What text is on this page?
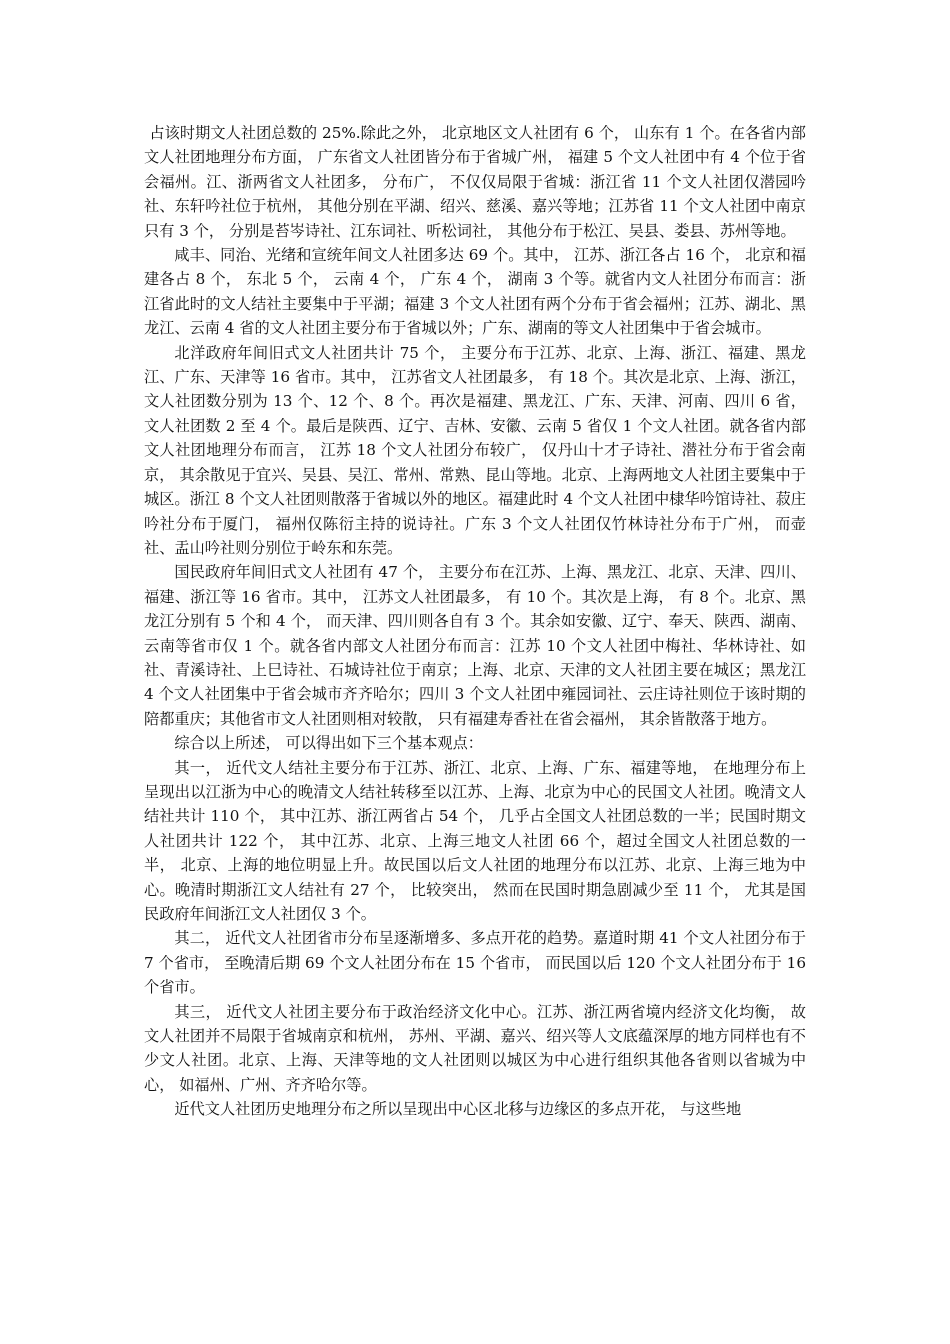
占该时期文人社团总数的 25%.除此之外， 北京地区文人社团有 6 个， 山东有 1 个。在各省内部文人社团地理分布方面， 广东省文人社团皆分布于省城广州， 福建 5 个文人社团中有 4 个位于省会福州。江、浙两省文人社团多， 分布广， 不仅仅局限于省城：浙江省 11 个文人社团仅潜园吟社、东轩吟社位于杭州， 其他分别在平湖、绍兴、慈溪、嘉兴等地；江苏省 11 个文人社团中南京只有 3 个， 分别是苔岑诗社、江东词社、听松词社， 其他分布于松江、吴县、娄县、苏州等地。

咸丰、同治、光绪和宣统年间文人社团多达 69 个。其中， 江苏、浙江各占 16 个， 北京和福建各占 8 个， 东北 5 个， 云南 4 个， 广东 4 个， 湖南 3 个等。就省内文人社团分布而言：浙江省此时的文人结社主要集中于平湖；福建 3 个文人社团有两个分布于省会福州；江苏、湖北、黑龙江、云南 4 省的文人社团主要分布于省城以外；广东、湖南的等文人社团集中于省会城市。

北洋政府年间旧式文人社团共计 75 个， 主要分布于江苏、北京、上海、浙江、福建、黑龙江、广东、天津等 16 省市。其中， 江苏省文人社团最多， 有 18 个。其次是北京、上海、浙江， 文人社团数分别为 13 个、12 个、8 个。再次是福建、黑龙江、广东、天津、河南、四川 6 省， 文人社团数 2 至 4 个。最后是陕西、辽宁、吉林、安徽、云南 5 省仅 1 个文人社团。就各省内部文人社团地理分布而言， 江苏 18 个文人社团分布较广， 仅丹山十才子诗社、潜社分布于省会南京， 其余散见于宜兴、吴县、吴江、常州、常熟、昆山等地。北京、上海两地文人社团主要集中于城区。浙江 8 个文人社团则散落于省城以外的地区。福建此时 4 个文人社团中棣华吟馆诗社、菽庄吟社分布于厦门， 福州仅陈衍主持的说诗社。广东 3 个文人社团仅竹林诗社分布于广州， 而壶社、盂山吟社则分别位于岭东和东莞。

国民政府年间旧式文人社团有 47 个， 主要分布在江苏、上海、黑龙江、北京、天津、四川、福建、浙江等 16 省市。其中， 江苏文人社团最多， 有 10 个。其次是上海， 有 8 个。北京、黑龙江分别有 5 个和 4 个， 而天津、四川则各自有 3 个。其余如安徽、辽宁、奉天、陕西、湖南、云南等省市仅 1 个。就各省内部文人社团分布而言：江苏 10 个文人社团中梅社、华林诗社、如社、青溪诗社、上巳诗社、石城诗社位于南京；上海、北京、天津的文人社团主要在城区；黑龙江 4 个文人社团集中于省会城市齐齐哈尔；四川 3 个文人社团中雍园词社、云庄诗社则位于该时期的陪都重庆；其他省市文人社团则相对较散， 只有福建寿香社在省会福州， 其余皆散落于地方。

综合以上所述， 可以得出如下三个基本观点：

其一， 近代文人结社主要分布于江苏、浙江、北京、上海、广东、福建等地， 在地理分布上呈现出以江浙为中心的晚清文人结社转移至以江苏、上海、北京为中心的民国文人社团。晚清文人结社共计 110 个， 其中江苏、浙江两省占 54 个， 几乎占全国文人社团总数的一半；民国时期文人社团共计 122 个， 其中江苏、北京、上海三地文人社团 66 个，超过全国文人社团总数的一半， 北京、上海的地位明显上升。故民国以后文人社团的地理分布以江苏、北京、上海三地为中心。晚清时期浙江文人结社有 27 个， 比较突出， 然而在民国时期急剧减少至 11 个， 尤其是国民政府年间浙江文人社团仅 3 个。

其二， 近代文人社团省市分布呈逐渐增多、多点开花的趋势。嘉道时期 41 个文人社团分布于 7 个省市， 至晚清后期 69 个文人社团分布在 15 个省市， 而民国以后 120 个文人社团分布于 16 个省市。

其三， 近代文人社团主要分布于政治经济文化中心。江苏、浙江两省境内经济文化均衡， 故文人社团并不局限于省城南京和杭州， 苏州、平湖、嘉兴、绍兴等人文底蕴深厚的地方同样也有不少文人社团。北京、上海、天津等地的文人社团则以城区为中心进行组织其他各省则以省城为中心， 如福州、广州、齐齐哈尔等。

近代文人社团历史地理分布之所以呈现出中心区北移与边缘区的多点开花， 与这些地
